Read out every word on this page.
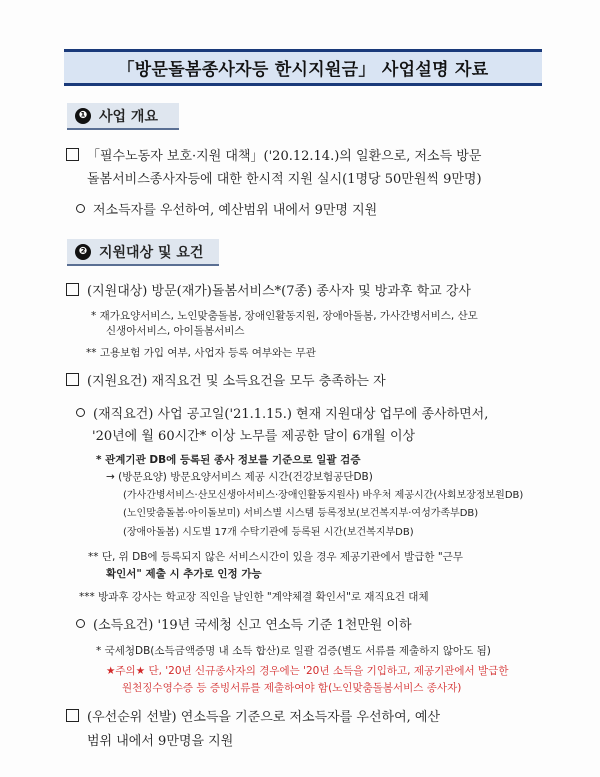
「방문돌봄종사자등 한시지원금」 사업설명 자료
❶ 사업 개요
「필수노동자 보호·지원 대책」('20.12.14.)의 일환으로, 저소득 방문
돌봄서비스종사자등에 대한 한시적 지원 실시(1명당 50만원씩 9만명)
저소득자를 우선하여, 예산범위 내에서 9만명 지원
❷ 지원대상 및 요건
(지원대상) 방문(재가)돌봄서비스*(7종) 종사자 및 방과후 학교 강사
* 재가요양서비스, 노인맞춤돌봄, 장애인활동지원, 장애아돌봄, 가사간병서비스, 산모
신생아서비스, 아이돌봄서비스
** 고용보험 가입 여부, 사업자 등록 여부와는 무관
(지원요건) 재직요건 및 소득요건을 모두 충족하는 자
(재직요건) 사업 공고일('21.1.15.) 현재 지원대상 업무에 종사하면서,
'20년에 월 60시간* 이상 노무를 제공한 달이 6개월 이상
* 관계기관 DB에 등록된 종사 정보를 기준으로 일괄 검증
→ (방문요양) 방문요양서비스 제공 시간(건강보험공단DB)
(가사간병서비스·산모신생아서비스·장애인활동지원사) 바우처 제공시간(사회보장정보원DB)
(노인맞춤돌봄·아이돌보미) 서비스별 시스템 등록정보(보건복지부·여성가족부DB)
(장애아돌봄) 시도별 17개 수탁기관에 등록된 시간(보건복지부DB)
** 단, 위 DB에 등록되지 않은 서비스시간이 있을 경우 제공기관에서 발급한 "근무
확인서" 제출 시 추가로 인정 가능
*** 방과후 강사는 학교장 직인을 날인한 "계약체결 확인서"로 재직요건 대체
(소득요건) '19년 국세청 신고 연소득 기준 1천만원 이하
* 국세청DB(소득금액증명 내 소득 합산)로 일괄 검증(별도 서류를 제출하지 않아도 됨)
★주의★ 단, '20년 신규종사자의 경우에는 '20년 소득을 기입하고, 제공기관에서 발급한
원천징수영수증 등 증빙서류를 제출하여야 함(노인맞춤돌봄서비스 종사자)
(우선순위 선발) 연소득을 기준으로 저소득자를 우선하여, 예산
범위 내에서 9만명을 지원
